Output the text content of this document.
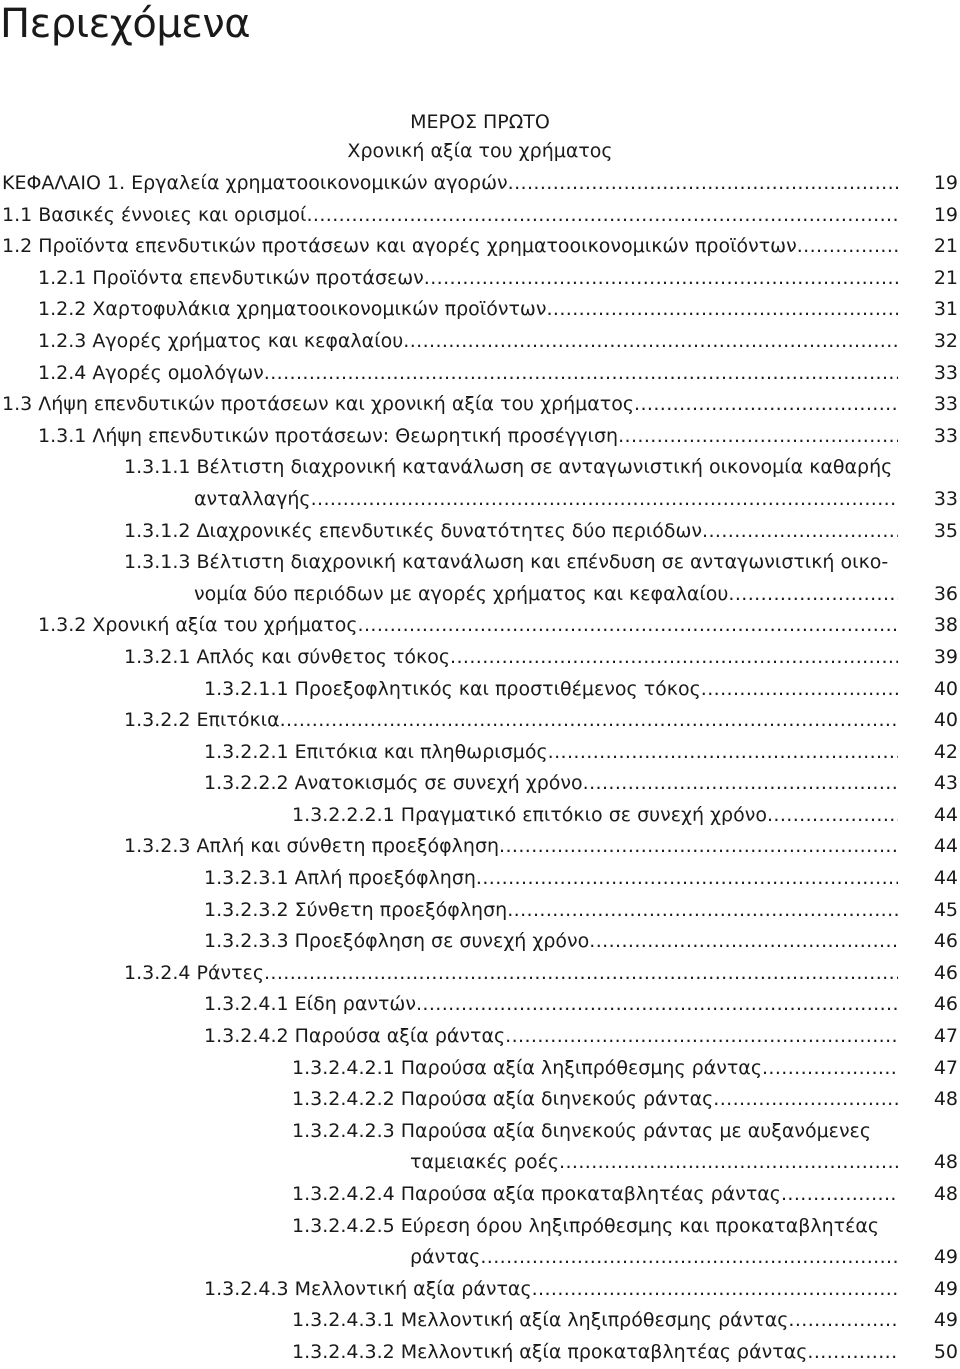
Περιεχόμενα
ΜΕΡΟΣ ΠΡΩΤΟ
Χρονική αξία του χρήματος
ΚΕΦΑΛΑΙΟ 1. Εργαλεία χρηματοοικονομικών αγορών .....	19
1.1 Βασικές έννοιες και ορισμοί .....	19
1.2 Προϊόντα επενδυτικών προτάσεων και αγορές χρηματοοικονομικών προϊόντων .....	21
1.2.1 Προϊόντα επενδυτικών προτάσεων .....	21
1.2.2 Χαρτοφυλάκια χρηματοοικονομικών προϊόντων .....	31
1.2.3 Αγορές χρήματος και κεφαλαίου .....	32
1.2.4 Αγορές ομολόγων .....	33
1.3 Λήψη επενδυτικών προτάσεων και χρονική αξία του χρήματος .....	33
1.3.1 Λήψη επενδυτικών προτάσεων: Θεωρητική προσέγγιση .....	33
1.3.1.1 Βέλτιστη διαχρονική κατανάλωση σε ανταγωνιστική οικονομία καθαρής
ανταλλαγής .....	33
1.3.1.2 Διαχρονικές επενδυτικές δυνατότητες δύο περιόδων .....	35
1.3.1.3 Βέλτιστη διαχρονική κατανάλωση και επένδυση σε ανταγωνιστική οικο-
νομία δύο περιόδων με αγορές χρήματος και κεφαλαίου .....	36
1.3.2 Χρονική αξία του χρήματος .....	38
1.3.2.1 Απλός και σύνθετος τόκος .....	39
1.3.2.1.1 Προεξοφλητικός και προστιθέμενος τόκος .....	40
1.3.2.2 Επιτόκια .....	40
1.3.2.2.1 Επιτόκια και πληθωρισμός .....	42
1.3.2.2.2 Ανατοκισμός σε συνεχή χρόνο .....	43
1.3.2.2.2.1 Πραγματικό επιτόκιο σε συνεχή χρόνο .....	44
1.3.2.3 Απλή και σύνθετη προεξόφληση .....	44
1.3.2.3.1 Απλή προεξόφληση .....	44
1.3.2.3.2 Σύνθετη προεξόφληση .....	45
1.3.2.3.3 Προεξόφληση σε συνεχή χρόνο .....	46
1.3.2.4 Ράντες .....	46
1.3.2.4.1 Είδη ραντών .....	46
1.3.2.4.2 Παρούσα αξία ράντας .....	47
1.3.2.4.2.1 Παρούσα αξία ληξιπρόθεσμης ράντας .....	47
1.3.2.4.2.2 Παρούσα αξία διηνεκούς ράντας .....	48
1.3.2.4.2.3 Παρούσα αξία διηνεκούς ράντας με αυξανόμενες
ταμειακές ροές .....	48
1.3.2.4.2.4 Παρούσα αξία προκαταβλητέας ράντας .....	48
1.3.2.4.2.5 Εύρεση όρου ληξιπρόθεσμης και προκαταβλητέας
ράντας .....	49
1.3.2.4.3 Μελλοντική αξία ράντας .....	49
1.3.2.4.3.1 Μελλοντική αξία ληξιπρόθεσμης ράντας .....	49
1.3.2.4.3.2 Μελλοντική αξία προκαταβλητέας ράντας .....	50
